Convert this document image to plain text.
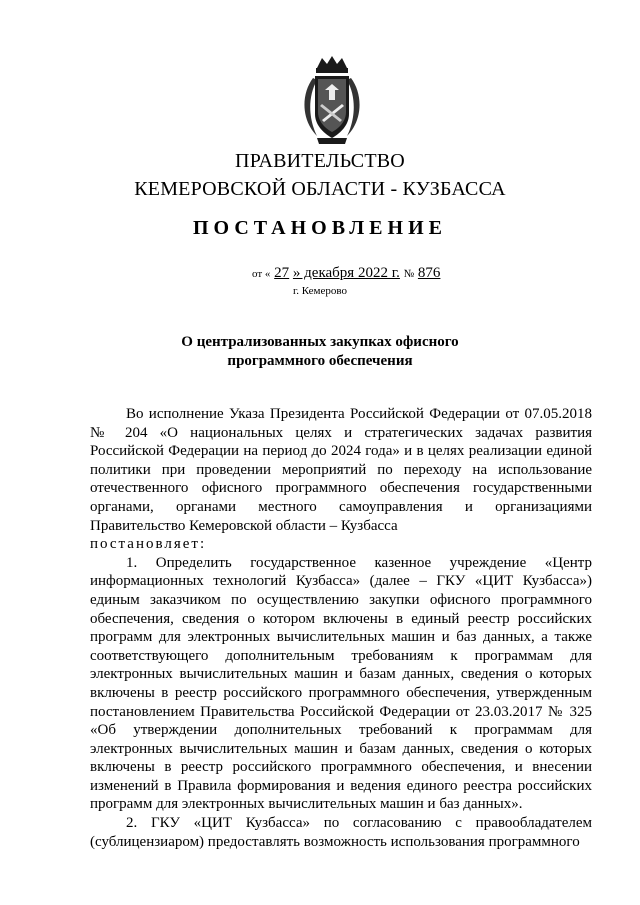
ПРАВИТЕЛЬСТВО
КЕМЕРОВСКОЙ ОБЛАСТИ - КУЗБАССА
ПОСТАНОВЛЕНИЕ
от « 27 » декабря 2022 г. № 876
г. Кемерово
О централизованных закупках офисного
программного обеспечения

Во исполнение Указа Президента Российской Федерации от 07.05.2018 № 204 «О национальных целях и стратегических задачах развития Российской Федерации на период до 2024 года» и в целях реализации единой политики при проведении мероприятий по переходу на использование отечественного офисного программного обеспечения государственными органами, органами местного самоуправления и организациями Правительство Кемеровской области – Кузбасса

постановляет:

1. Определить государственное казенное учреждение «Центр информационных технологий Кузбасса» (далее – ГКУ «ЦИТ Кузбасса») единым заказчиком по осуществлению закупки офисного программного обеспечения, сведения о котором включены в единый реестр российских программ для электронных вычислительных машин и баз данных, а также соответствующего дополнительным требованиям к программам для электронных вычислительных машин и базам данных, сведения о которых включены в реестр российского программного обеспечения, утвержденным постановлением Правительства Российской Федерации от 23.03.2017 № 325 «Об утверждении дополнительных требований к программам для электронных вычислительных машин и базам данных, сведения о которых включены в реестр российского программного обеспечения, и внесении изменений в Правила формирования и ведения единого реестра российских программ для электронных вычислительных машин и баз данных».

2. ГКУ «ЦИТ Кузбасса» по согласованию с правообладателем (сублицензиаром) предоставлять возможность использования программного
